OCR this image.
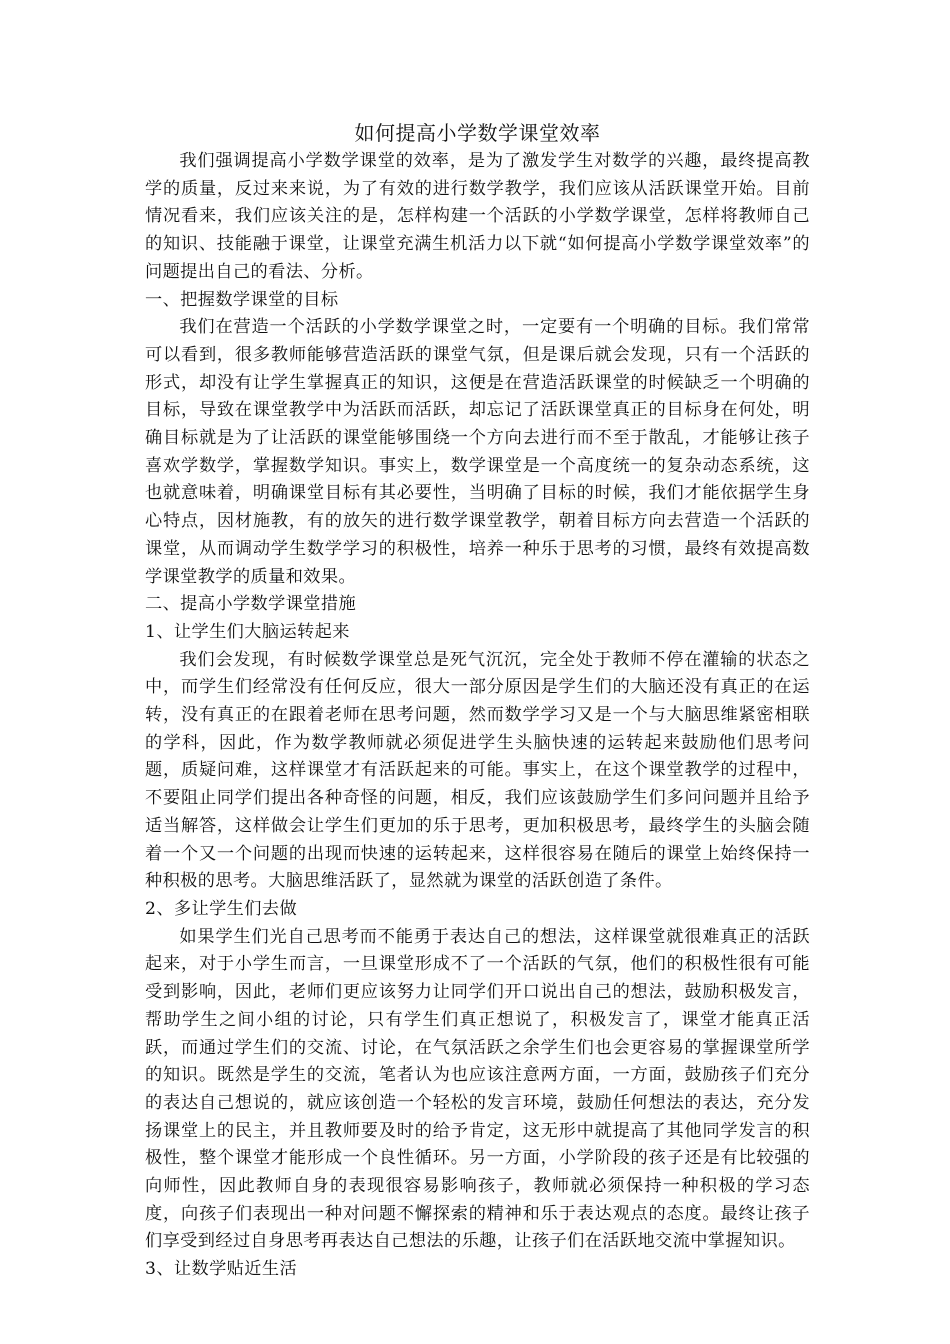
如何提高小学数学课堂效率

我们强调提高小学数学课堂的效率，是为了激发学生对数学的兴趣，最终提高教学的质量，反过来来说，为了有效的进行数学教学，我们应该从活跃课堂开始。目前情况看来，我们应该关注的是，怎样构建一个活跃的小学数学课堂，怎样将教师自己的知识、技能融于课堂，让课堂充满生机活力以下就“如何提高小学数学课堂效率”的问题提出自己的看法、分析。

一、把握数学课堂的目标

我们在营造一个活跃的小学数学课堂之时，一定要有一个明确的目标。我们常常可以看到，很多教师能够营造活跃的课堂气氛，但是课后就会发现，只有一个活跃的形式，却没有让学生掌握真正的知识，这便是在营造活跃课堂的时候缺乏一个明确的目标，导致在课堂教学中为活跃而活跃，却忘记了活跃课堂真正的目标身在何处，明确目标就是为了让活跃的课堂能够围绕一个方向去进行而不至于散乱，才能够让孩子喜欢学数学，掌握数学知识。事实上，数学课堂是一个高度统一的复杂动态系统，这也就意味着，明确课堂目标有其必要性，当明确了目标的时候，我们才能依据学生身心特点，因材施教，有的放矢的进行数学课堂教学，朝着目标方向去营造一个活跃的课堂，从而调动学生数学学习的积极性，培养一种乐于思考的习惯，最终有效提高数学课堂教学的质量和效果。

二、提高小学数学课堂措施

1、让学生们大脑运转起来

我们会发现，有时候数学课堂总是死气沉沉，完全处于教师不停在灌输的状态之中，而学生们经常没有任何反应，很大一部分原因是学生们的大脑还没有真正的在运转，没有真正的在跟着老师在思考问题，然而数学学习又是一个与大脑思维紧密相联的学科，因此，作为数学教师就必须促进学生头脑快速的运转起来鼓励他们思考问题，质疑问难，这样课堂才有活跃起来的可能。事实上，在这个课堂教学的过程中，不要阻止同学们提出各种奇怪的问题，相反，我们应该鼓励学生们多问问题并且给予适当解答，这样做会让学生们更加的乐于思考，更加积极思考，最终学生的头脑会随着一个又一个问题的出现而快速的运转起来，这样很容易在随后的课堂上始终保持一种积极的思考。大脑思维活跃了，显然就为课堂的活跃创造了条件。

2、多让学生们去做

如果学生们光自己思考而不能勇于表达自己的想法，这样课堂就很难真正的活跃起来，对于小学生而言，一旦课堂形成不了一个活跃的气氛，他们的积极性很有可能受到影响，因此，老师们更应该努力让同学们开口说出自己的想法，鼓励积极发言，帮助学生之间小组的讨论，只有学生们真正想说了，积极发言了，课堂才能真正活跃，而通过学生们的交流、讨论，在气氛活跃之余学生们也会更容易的掌握课堂所学的知识。既然是学生的交流，笔者认为也应该注意两方面，一方面，鼓励孩子们充分的表达自己想说的，就应该创造一个轻松的发言环境，鼓励任何想法的表达，充分发扬课堂上的民主，并且教师要及时的给予肯定，这无形中就提高了其他同学发言的积极性，整个课堂才能形成一个良性循环。另一方面，小学阶段的孩子还是有比较强的向师性，因此教师自身的表现很容易影响孩子，教师就必须保持一种积极的学习态度，向孩子们表现出一种对问题不懈探索的精神和乐于表达观点的态度。最终让孩子们享受到经过自身思考再表达自己想法的乐趣，让孩子们在活跃地交流中掌握知识。

3、让数学贴近生活
